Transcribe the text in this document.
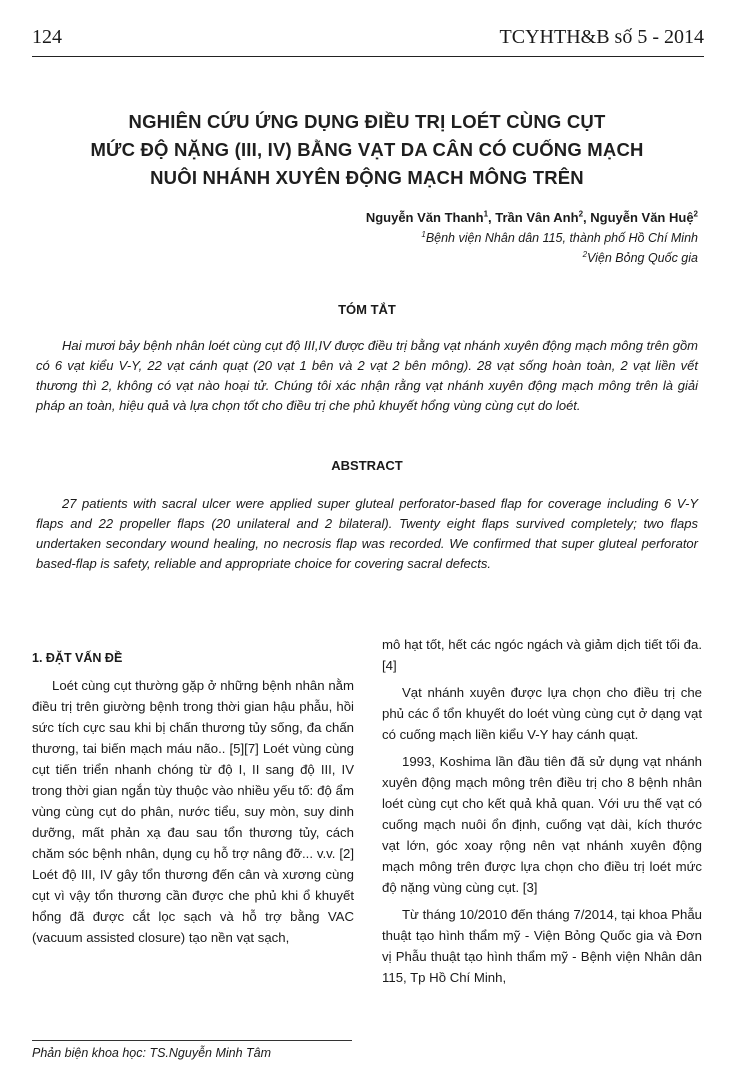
124	TCYHTH&B số 5 - 2014
NGHIÊN CỨU ỨNG DỤNG ĐIỀU TRỊ LOÉT CÙNG CỤT
MỨC ĐỘ NẶNG (III, IV) BẰNG VẠT DA CÂN CÓ CUỐNG MẠCH
NUÔI NHÁNH XUYÊN ĐỘNG MẠCH MÔNG TRÊN
Nguyễn Văn Thanh$^1$, Trần Vân Anh$^2$, Nguyễn Văn Huệ$^2$
$^1$Bệnh viện Nhân dân 115, thành phố Hồ Chí Minh
$^2$Viện Bỏng Quốc gia
TÓM TẮT
Hai mươi bảy bệnh nhân loét cùng cụt độ III,IV được điều trị bằng vạt nhánh xuyên động mạch mông trên gồm có 6 vạt kiểu V-Y, 22 vạt cánh quạt (20 vạt 1 bên và 2 vạt 2 bên mông). 28 vạt sống hoàn toàn, 2 vạt liền vết thương thì 2, không có vạt nào hoại tử. Chúng tôi xác nhận rằng vạt nhánh xuyên động mạch mông trên là giải pháp an toàn, hiệu quả và lựa chọn tốt cho điều trị che phủ khuyết hổng vùng cùng cụt do loét.
ABSTRACT
27 patients with sacral ulcer were applied super gluteal perforator-based flap for coverage including 6 V-Y flaps and 22 propeller flaps (20 unilateral and 2 bilateral). Twenty eight flaps survived completely; two flaps undertaken secondary wound healing, no necrosis flap was recorded. We confirmed that super gluteal perforator based-flap is safety, reliable and appropriate choice for covering sacral defects.
1. ĐẶT VẤN ĐỀ

Loét cùng cụt thường gặp ở những bệnh nhân nằm điều trị trên giường bệnh trong thời gian hậu phẫu, hồi sức tích cực sau khi bị chấn thương tủy sống, đa chấn thương, tai biến mạch máu não.. [5][7] Loét vùng cùng cụt tiến triển nhanh chóng từ độ I, II sang độ III, IV trong thời gian ngắn tùy thuộc vào nhiều yếu tố: độ ẩm vùng cùng cụt do phân, nước tiểu, suy mòn, suy dinh dưỡng, mất phản xạ đau sau tổn thương tủy, cách chăm sóc bệnh nhân, dụng cụ hỗ trợ nâng đỡ... v.v. [2] Loét độ III, IV gây tổn thương đến cân và xương cùng cụt vì vậy tổn thương cần được che phủ khi ổ khuyết hổng đã được cắt lọc sạch và hỗ trợ bằng VAC (vacuum assisted closure) tạo nền vạt sạch,

mô hạt tốt, hết các ngóc ngách và giảm dịch tiết tối đa. [4]

Vạt nhánh xuyên được lựa chọn cho điều trị che phủ các ổ tổn khuyết do loét vùng cùng cụt ở dạng vạt có cuống mạch liền kiểu V-Y hay cánh quạt.

1993, Koshima lần đầu tiên đã sử dụng vạt nhánh xuyên động mạch mông trên điều trị cho 8 bệnh nhân loét cùng cụt cho kết quả khả quan. Với ưu thế vạt có cuống mạch nuôi ổn định, cuống vạt dài, kích thước vạt lớn, góc xoay rộng nên vạt nhánh xuyên động mạch mông trên được lựa chọn cho điều trị loét mức độ nặng vùng cùng cụt. [3]

Từ tháng 10/2010 đến tháng 7/2014, tại khoa Phẫu thuật tạo hình thẩm mỹ - Viện Bỏng Quốc gia và Đơn vị Phẫu thuật tạo hình thẩm mỹ - Bệnh viện Nhân dân 115, Tp Hồ Chí Minh,

Phản biện khoa học: TS.Nguyễn Minh Tâm
